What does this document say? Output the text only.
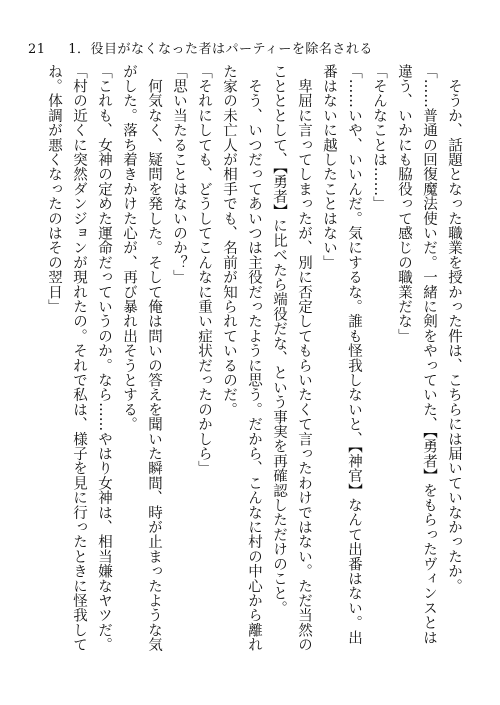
21 1．役目がなくなった者はパーティーを除名される
　そうか、話題となった職業を授かった件は、こちらには届いていなかったか。
「……普通の回復魔法使いだ。一緒に剣をやっていた、【勇者】をもらったヴィンスとは
違う、いかにも脇役って感じの職業だな」
「そんなことは……」
「……いや、いいんだ。気にするな。誰も怪我しないと、【神官】なんて出番はない。出
番はないに越したことはない」
　卑屈に言ってしまったが、別に否定してもらいたくて言ったわけではない。ただ当然の
ことととして、【勇者】に比べたら端役だな、という事実を再確認しただけのこと。
　そう、いつだってあいつは主役だったように思う。だから、こんなに村の中心から離れ
た家の未亡人が相手でも、名前が知られているのだ。
「それにしても、どうしてこんなに重い症状だったのかしら」
「思い当たることはないのか？」
　何気なく、疑問を発した。そして俺は問いの答えを聞いた瞬間、時が止まったような気
がした。落ち着きかけた心が、再び暴れ出そうとする。
「これも、女神の定めた運命だっていうのか。なら……やはり女神は、相当嫌なヤツだ。
「村の近くに突然ダンジョンが現れたの。それで私は、様子を見に行ったときに怪我して
ね。体調が悪くなったのはその翌日」
